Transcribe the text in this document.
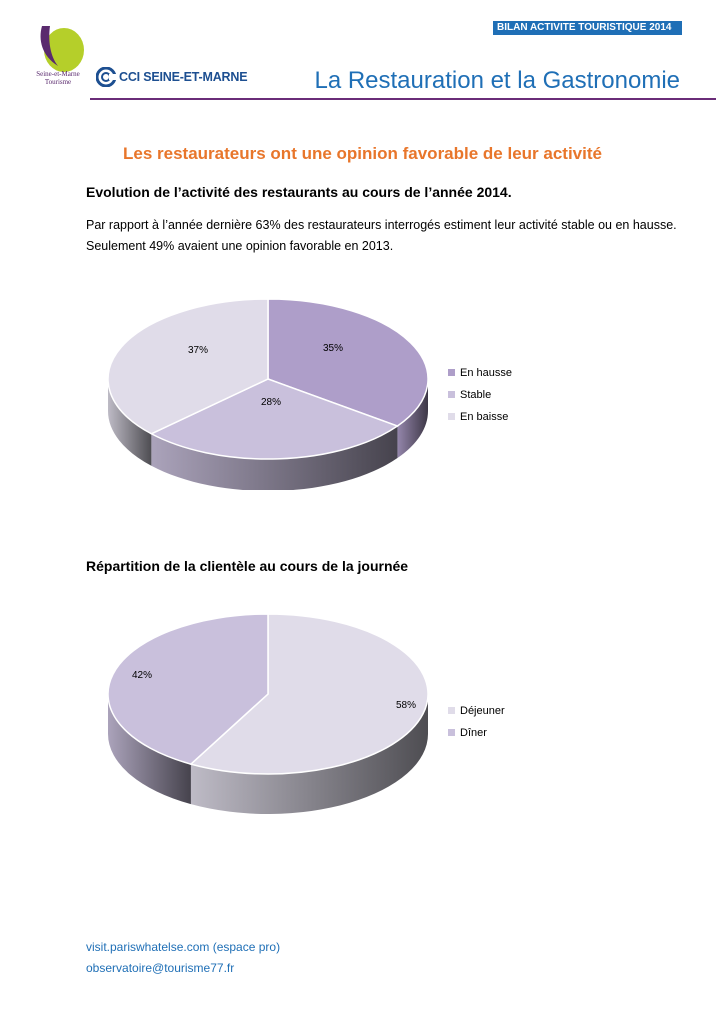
BILAN ACTIVITE TOURISTIQUE 2014
Seine-et-Marne
Tourisme	CCI SEINE-ET-MARNE	La Restauration et la Gastronomie
Les restaurateurs ont une opinion favorable de leur activité
Evolution de l’activité des restaurants au cours de l’année 2014.
Par rapport à l’année dernière 63% des restaurateurs interrogés estiment leur activité stable ou en hausse. Seulement 49% avaient une opinion favorable en 2013.
35%
28%
37%
En hausse
Stable
En baisse
Répartition de la clientèle au cours de la journée
58%
42%
Déjeuner
Dîner
visit.pariswhatelse.com (espace pro)
observatoire@tourisme77.fr
